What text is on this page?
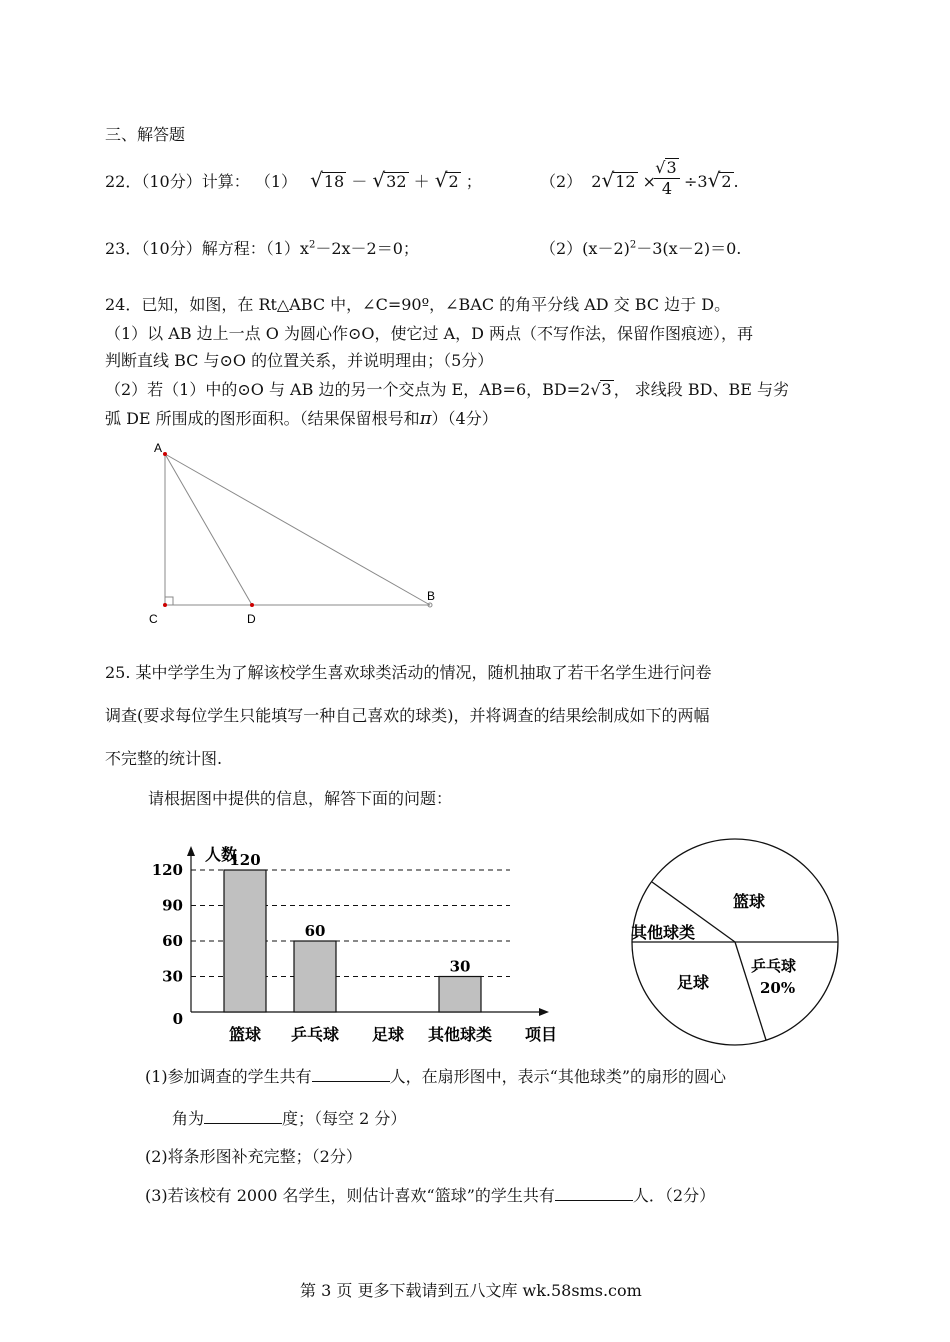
三、解答题
22．（10分）计算： （1） √18 － √32 ＋ √2 ；	（2） 2√12 ×
√3
4 ÷3√2 .
23．（10分）解方程：$(1)x^2-2x-2=0$；	$(2)(x-2)^2-3(x-2)=0$.
24．已知，如图，在 Rt△ABC 中，∠C=90º，∠BAC 的角平分线 AD 交 BC 边于 D。
（1）以 AB 边上一点 O 为圆心作⊙O，使它过 A，D 两点（不写作法，保留作图痕迹），再
判断直线 BC 与⊙O 的位置关系，并说明理由；（5分）
（2）若（1）中的⊙O 与 AB 边的另一个交点为 E，AB=6，BD=2√3 ， 求线段 BD、BE 与劣
弧 DE 所围成的图形面积。（结果保留根号和π）（4分）
A
B
C	D
25. 某中学学生为了解该校学生喜欢球类活动的情况，随机抽取了若干名学生进行问卷
调查(要求每位学生只能填写一种自己喜欢的球类)，并将调查的结果绘制成如下的两幅
不完整的统计图.
请根据图中提供的信息，解答下面的问题：
人数
项目
0
30
60
90
120
篮球
120
乒乓球
60
足球 其他球类
30
篮球
其他球类
足球
乒乓球
20%
(1)参加调查的学生共有	人，在扇形图中，表示“其他球类”的扇形的圆心
角为	度；（每空 2 分）
(2)将条形图补充完整；（2分）
(3)若该校有 2000 名学生，则估计喜欢“篮球”的学生共有	人．（2分）
第 3 页 更多下载请到五八文库 wk.58sms.com
